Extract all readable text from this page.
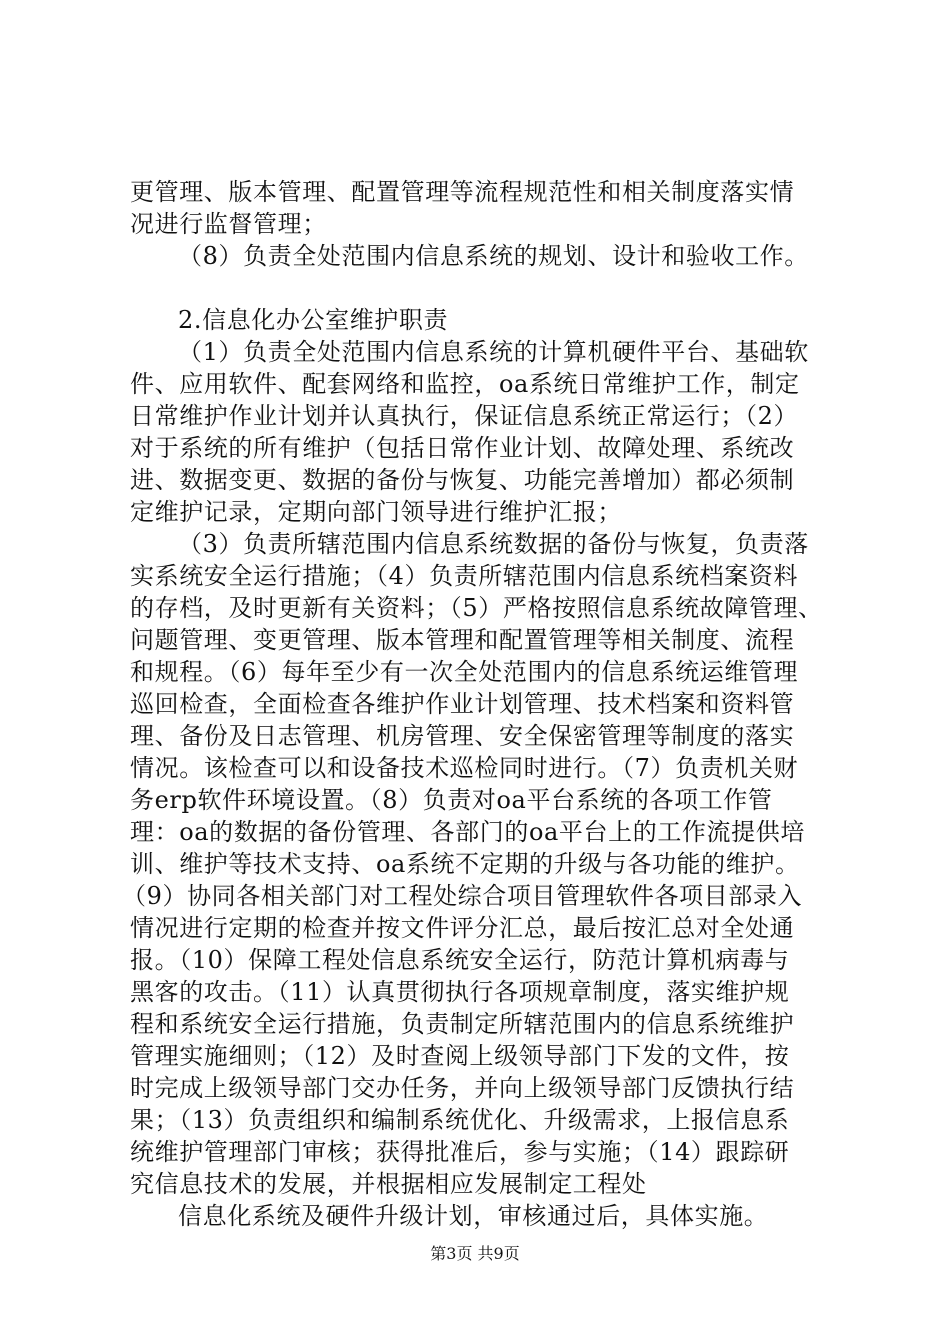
更管理、版本管理、配置管理等流程规范性和相关制度落实情
况进行监督管理；
（8）负责全处范围内信息系统的规划、设计和验收工作。
2.信息化办公室维护职责
（1）负责全处范围内信息系统的计算机硬件平台、基础软
件、应用软件、配套网络和监控，oa系统日常维护工作，制定
日常维护作业计划并认真执行，保证信息系统正常运行；（2）
对于系统的所有维护（包括日常作业计划、故障处理、系统改
进、数据变更、数据的备份与恢复、功能完善增加）都必须制
定维护记录，定期向部门领导进行维护汇报；
（3）负责所辖范围内信息系统数据的备份与恢复，负责落
实系统安全运行措施；（4）负责所辖范围内信息系统档案资料
的存档，及时更新有关资料；（5）严格按照信息系统故障管理、
问题管理、变更管理、版本管理和配置管理等相关制度、流程
和规程。（6）每年至少有一次全处范围内的信息系统运维管理
巡回检查，全面检查各维护作业计划管理、技术档案和资料管
理、备份及日志管理、机房管理、安全保密管理等制度的落实
情况。该检查可以和设备技术巡检同时进行。（7）负责机关财
务erp软件环境设置。（8）负责对oa平台系统的各项工作管
理：oa的数据的备份管理、各部门的oa平台上的工作流提供培
训、维护等技术支持、oa系统不定期的升级与各功能的维护。
（9）协同各相关部门对工程处综合项目管理软件各项目部录入
情况进行定期的检查并按文件评分汇总，最后按汇总对全处通
报。（10）保障工程处信息系统安全运行，防范计算机病毒与
黑客的攻击。（11）认真贯彻执行各项规章制度，落实维护规
程和系统安全运行措施，负责制定所辖范围内的信息系统维护
管理实施细则；（12）及时查阅上级领导部门下发的文件，按
时完成上级领导部门交办任务，并向上级领导部门反馈执行结
果；（13）负责组织和编制系统优化、升级需求，上报信息系
统维护管理部门审核；获得批准后，参与实施；（14）跟踪研
究信息技术的发展，并根据相应发展制定工程处
信息化系统及硬件升级计划，审核通过后，具体实施。
第3页 共9页
